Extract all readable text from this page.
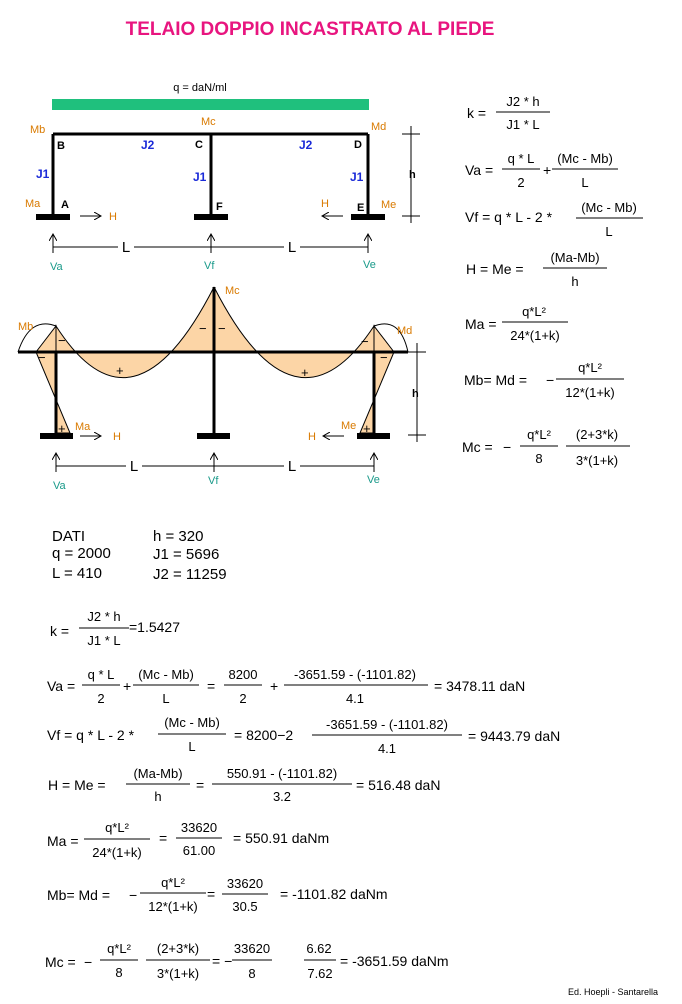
TELAIO DOPPIO INCASTRATO AL PIEDE
q = daN/ml
B	C	D
A	F	E
Mb
Mc	Md
Ma	Me
J2	J2
J1	J1	J1
H
H
h
L	L
Va	Vf	Ve
−
−
+
− −
+
−
−
+	+
Mb
Mc
Md
Ma	Me
H	H
h
L	L
Va	Vf	Ve
k =
J2 * h
J1 * L
Va =
q * L
2
+
(Mc - Mb)
L
Vf = q * L - 2 *
(Mc - Mb)
L
H = Me =
(Ma-Mb)
h
Ma =
q*L²
24*(1+k)
Mb= Md = −
q*L²
12*(1+k)
Mc = −
q*L²
8
(2+3*k)
3*(1+k)
DATI
q = 2000
L = 410
h = 320
J1 = 5696
J2 = 11259
k =
J2 * h
J1 * L
=1.5427
Va =
q * L
2
+
(Mc - Mb)
L
=
8200
2
+
-3651.59 - (-1101.82)
4.1
= 3478.11 daN
Vf = q * L - 2 *
(Mc - Mb)
L
= 8200−2
-3651.59 - (-1101.82)
4.1
= 9443.79 daN
H = Me =
(Ma-Mb)
h
=
550.91 - (-1101.82)
3.2
= 516.48 daN
Ma =
q*L²
24*(1+k)
=
33620
61.00
= 550.91 daNm
Mb= Md = −
q*L²
12*(1+k)
=
33620
30.5
= -1101.82 daNm
Mc = −
q*L²
8
(2+3*k)
3*(1+k)
= −
33620
8
6.62
7.62
= -3651.59 daNm
Ed. Hoepli - Santarella
